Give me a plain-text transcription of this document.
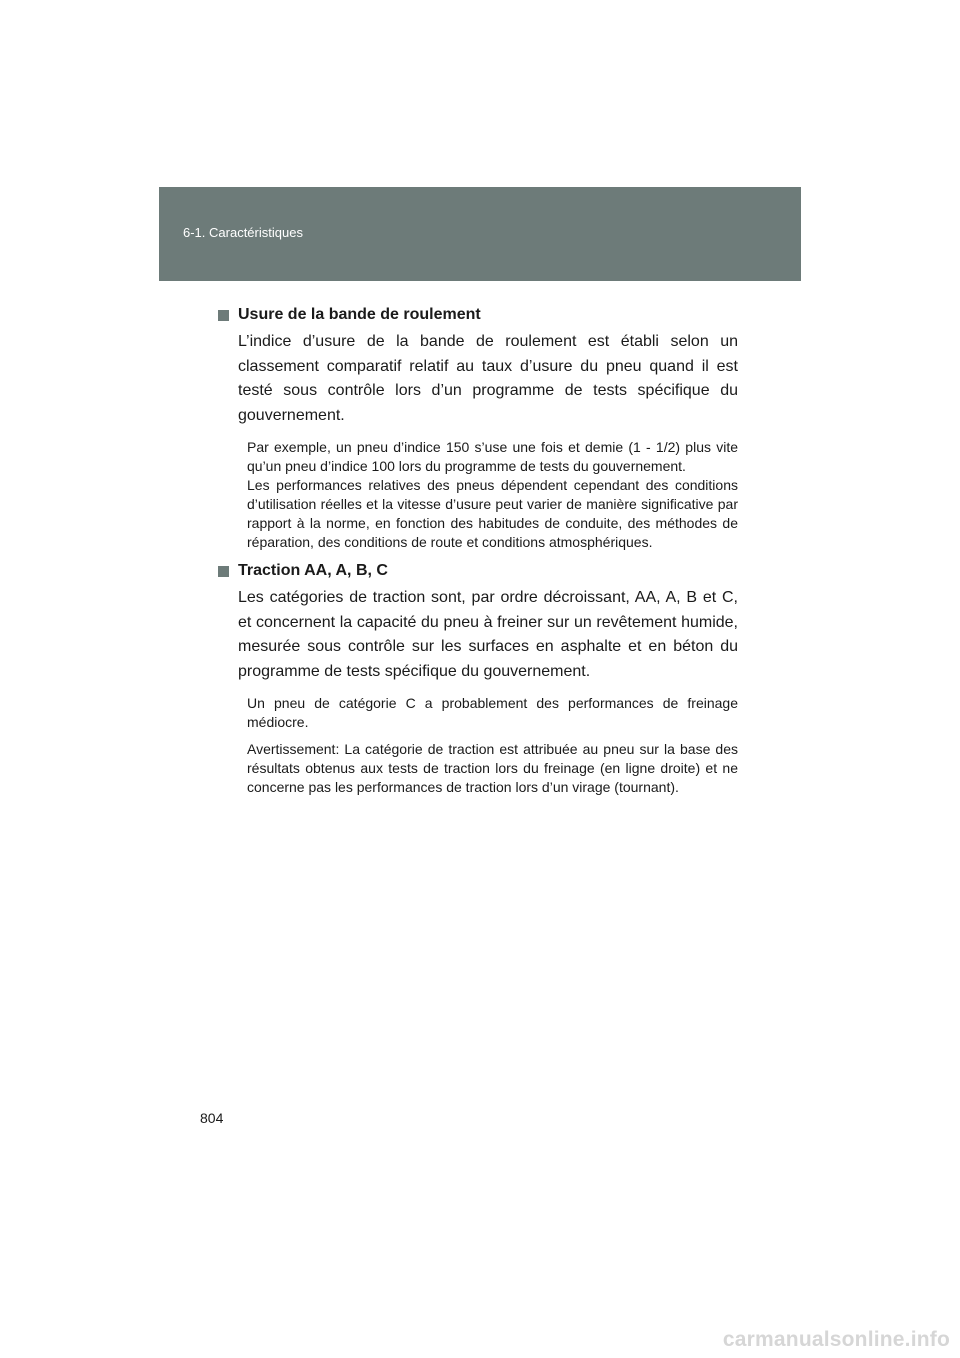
6-1. Caractéristiques
Usure de la bande de roulement
L’indice d’usure de la bande de roulement est établi selon un classement comparatif relatif au taux d’usure du pneu quand il est testé sous contrôle lors d’un programme de tests spécifique du gouvernement.
Par exemple, un pneu d’indice 150 s’use une fois et demie (1 - 1/2) plus vite qu’un pneu d’indice 100 lors du programme de tests du gouvernement.
Les performances relatives des pneus dépendent cependant des conditions d’utilisation réelles et la vitesse d’usure peut varier de manière significative par rapport à la norme, en fonction des habitudes de conduite, des méthodes de réparation, des conditions de route et conditions atmosphériques.
Traction AA, A, B, C
Les catégories de traction sont, par ordre décroissant, AA, A, B et C, et concernent la capacité du pneu à freiner sur un revêtement humide, mesurée sous contrôle sur les surfaces en asphalte et en béton du programme de tests spécifique du gouvernement.
Un pneu de catégorie C a probablement des performances de freinage médiocre.
Avertissement: La catégorie de traction est attribuée au pneu sur la base des résultats obtenus aux tests de traction lors du freinage (en ligne droite) et ne concerne pas les performances de traction lors d’un virage (tournant).
804
carmanualsonline.info
